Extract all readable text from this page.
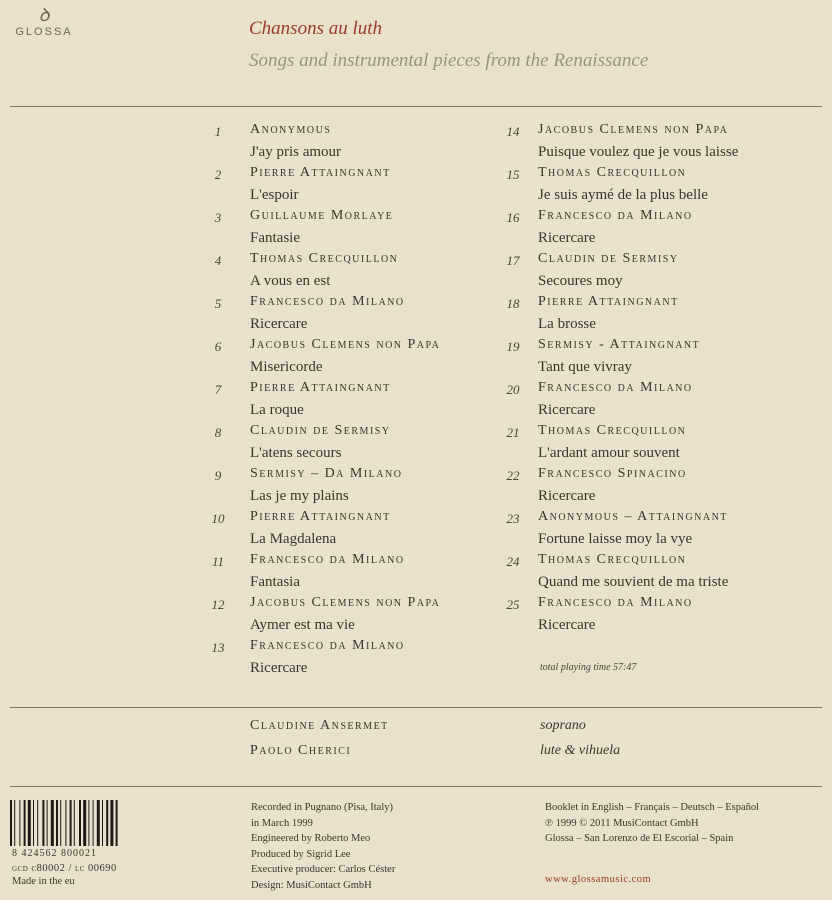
ꝺ
GLOSSA	Chansons au luth
Songs and instrumental pieces from the Renaissance
1	Anonymous
J'ay pris amour
2	Pierre Attaingnant
L'espoir
3	Guillaume Morlaye
Fantasie
4	Thomas Crecquillon
A vous en est
5	Francesco da Milano
Ricercare
6	Jacobus Clemens non Papa
Misericorde
7	Pierre Attaingnant
La roque
8	Claudin de Sermisy
L'atens secours
9	Sermisy – Da Milano
Las je my plains
10	Pierre Attaingnant
La Magdalena
11	Francesco da Milano
Fantasia
12	Jacobus Clemens non Papa
Aymer est ma vie
13	Francesco da Milano
Ricercare
14	Jacobus Clemens non Papa
Puisque voulez que je vous laisse
15	Thomas Crecquillon
Je suis aymé de la plus belle
16	Francesco da Milano
Ricercare
17	Claudin de Sermisy
Secoures moy
18	Pierre Attaingnant
La brosse
19	Sermisy - Attaingnant
Tant que vivray
20	Francesco da Milano
Ricercare
21	Thomas Crecquillon
L'ardant amour souvent
22	Francesco Spinacino
Ricercare
23	Anonymous – Attaingnant
Fortune laisse moy la vye
24	Thomas Crecquillon
Quand me souvient de ma triste
25	Francesco da Milano
Ricercare
total playing time 57:47
Claudine Ansermet	soprano
Paolo Cherici	lute & vihuela
8 424562 800021
gcd c80002 / lc 00690
Made in the eu
Recorded in Pugnano (Pisa, Italy)
in March 1999
Engineered by Roberto Meo
Produced by Sigrid Lee
Executive producer: Carlos Céster
Design: MusiContact GmbH
Booklet in English – Français – Deutsch – Español
℗ 1999 © 2011 MusiContact GmbH
Glossa – San Lorenzo de El Escorial – Spain
www.glossamusic.com
